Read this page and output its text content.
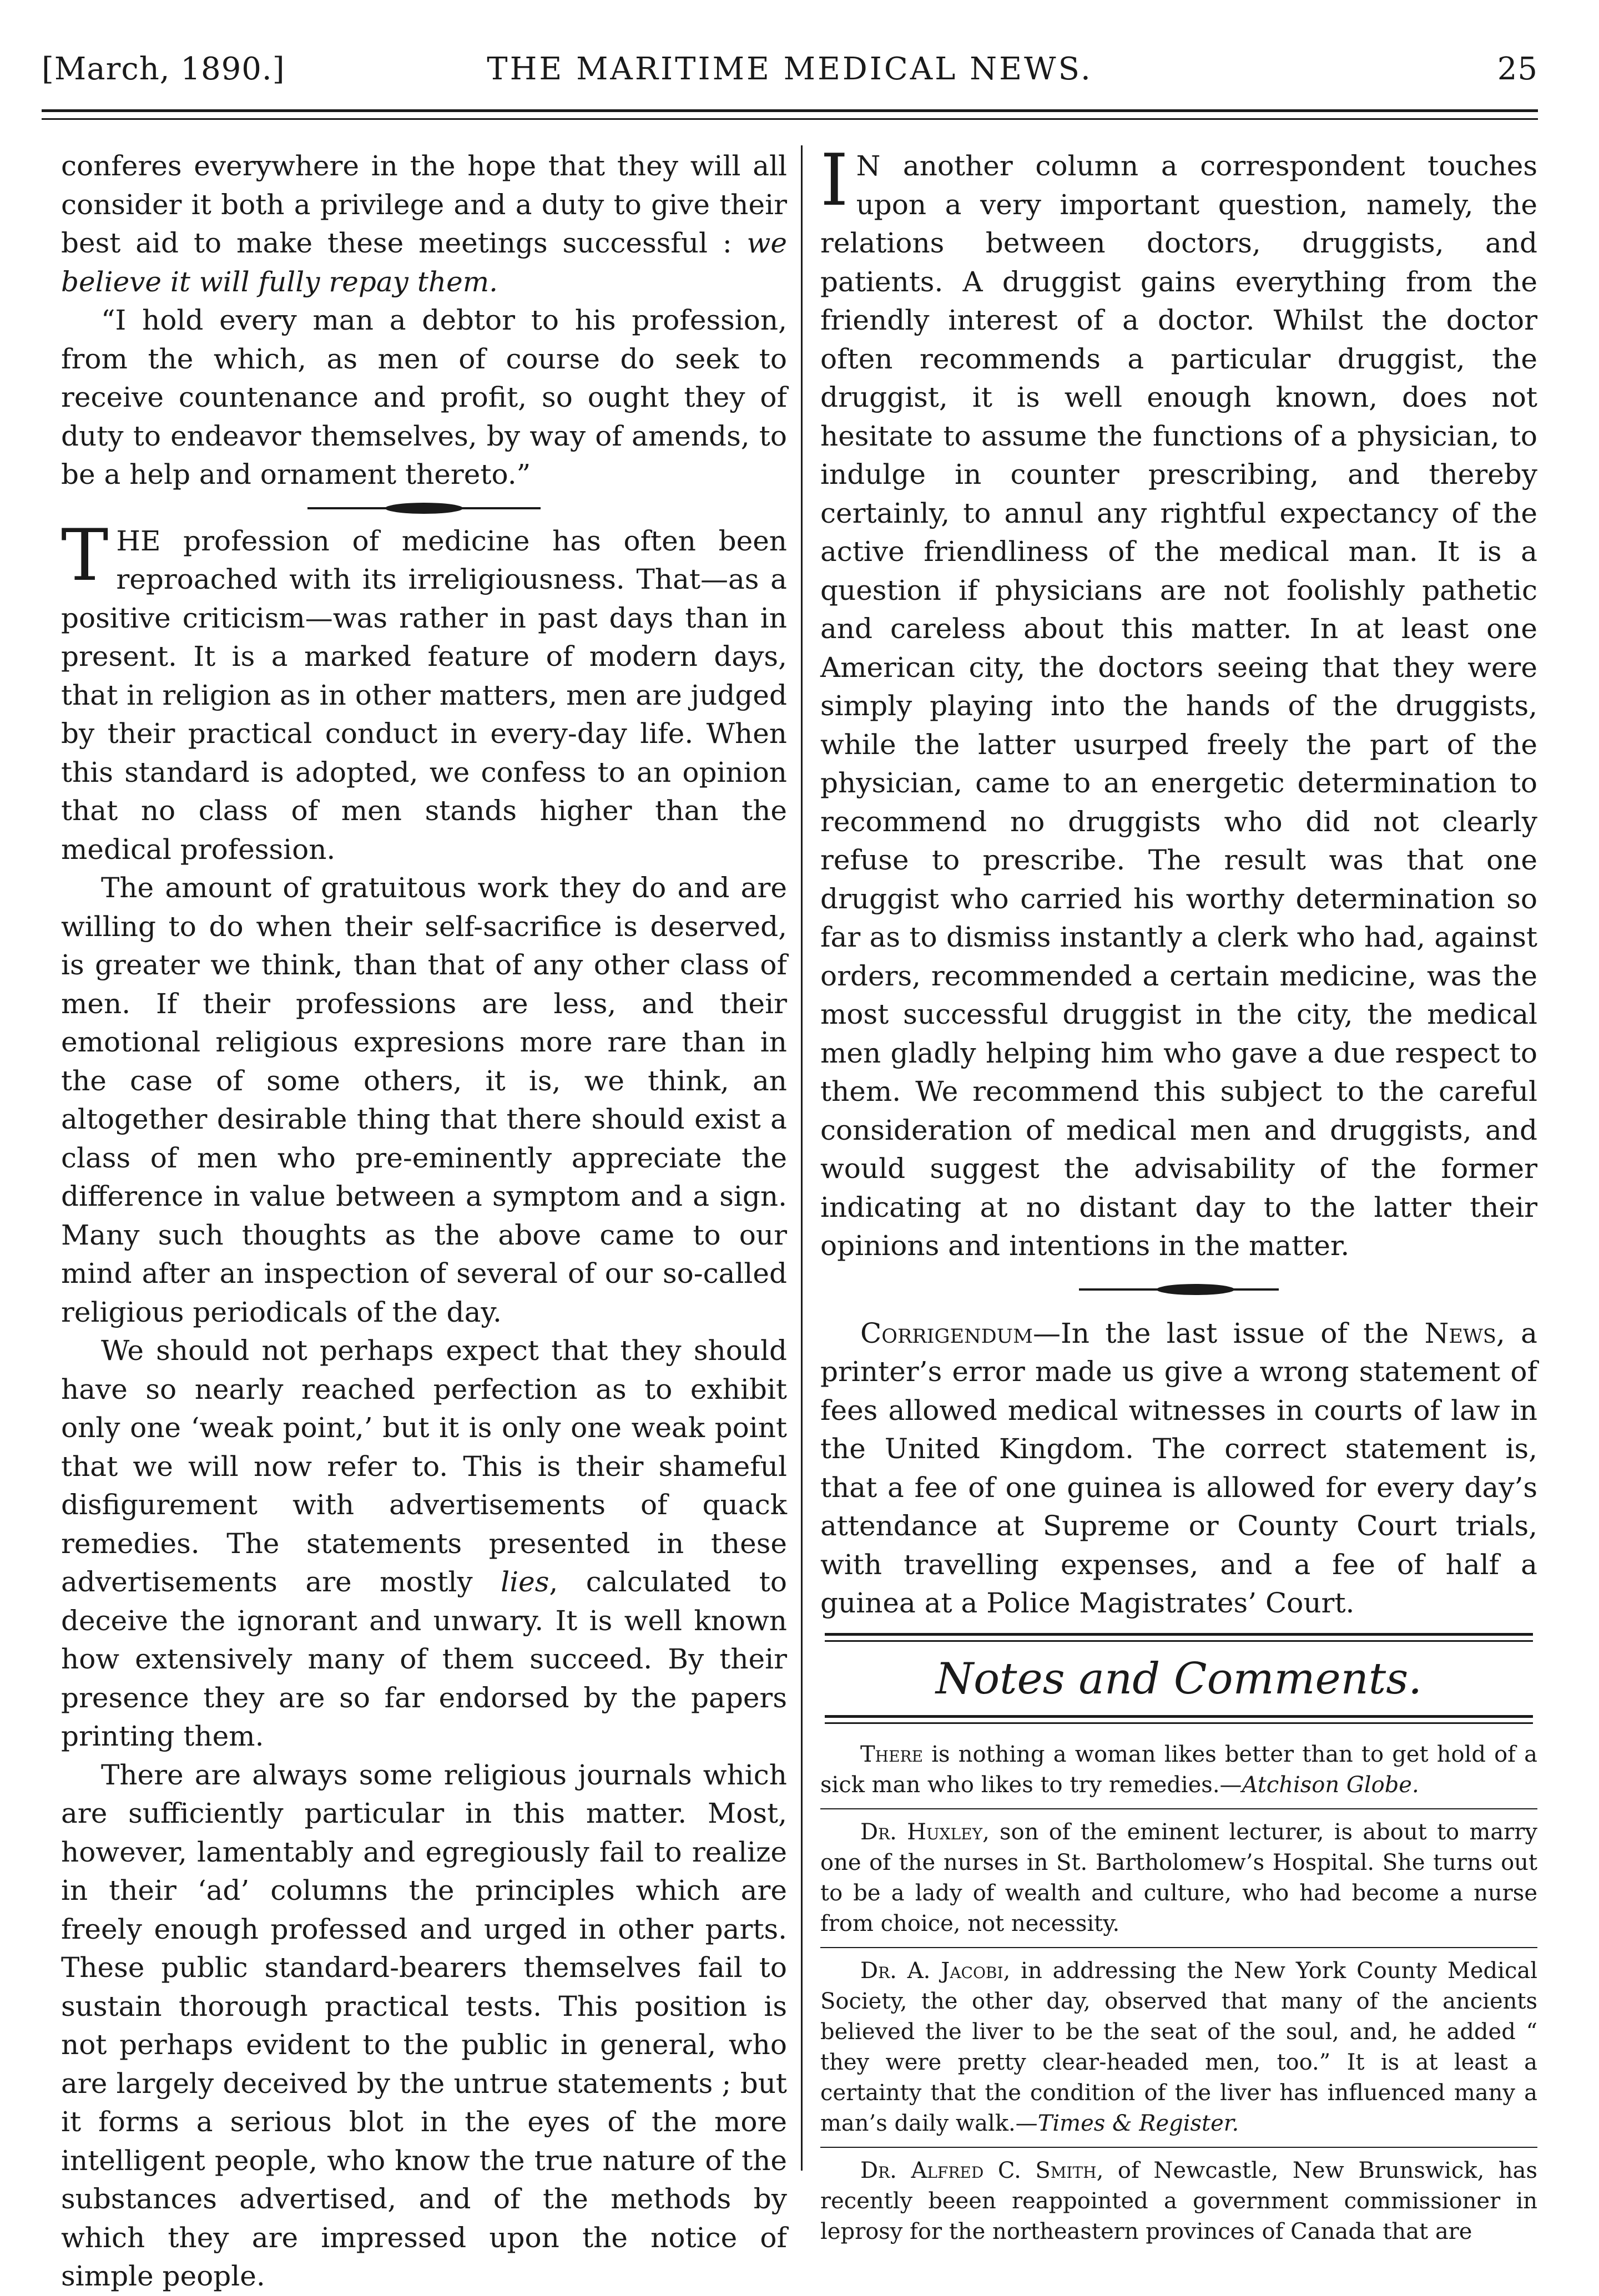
[March, 1890.]	THE MARITIME MEDICAL NEWS.	25

conferes everywhere in the hope that they will all consider it both a privilege and a duty to give their best aid to make these meetings successful : we believe it will fully repay them.

“I hold every man a debtor to his profession, from the which, as men of course do seek to receive countenance and profit, so ought they of duty to endeavor themselves, by way of amends, to be a help and ornament thereto.”

THE profession of medicine has often been reproached with its irreligiousness. That—as a positive criticism—was rather in past days than in present. It is a marked feature of modern days, that in religion as in other matters, men are judged by their practical conduct in every-day life. When this standard is adopted, we confess to an opinion that no class of men stands higher than the medical profession.

The amount of gratuitous work they do and are willing to do when their self-sacrifice is deserved, is greater we think, than that of any other class of men. If their professions are less, and their emotional religious expresions more rare than in the case of some others, it is, we think, an altogether desirable thing that there should exist a class of men who pre-eminently appreciate the difference in value between a symptom and a sign. Many such thoughts as the above came to our mind after an inspection of several of our so-called religious periodicals of the day.

We should not perhaps expect that they should have so nearly reached perfection as to exhibit only one ‘weak point,’ but it is only one weak point that we will now refer to. This is their shameful disfigurement with advertisements of quack remedies. The statements presented in these advertisements are mostly lies, calculated to deceive the ignorant and unwary. It is well known how extensively many of them succeed. By their presence they are so far endorsed by the papers printing them.

There are always some religious journals which are sufficiently particular in this matter. Most, however, lamentably and egregiously fail to realize in their ‘ad’ columns the principles which are freely enough professed and urged in other parts. These public standard-bearers themselves fail to sustain thorough practical tests. This position is not perhaps evident to the public in general, who are largely deceived by the untrue statements ; but it forms a serious blot in the eyes of the more intelligent people, who know the true nature of the substances advertised, and of the methods by which they are impressed upon the notice of simple people.

I N another column a correspondent touches upon a very important question, namely, the relations between doctors, druggists, and patients. A druggist gains everything from the friendly interest of a doctor. Whilst the doctor often recommends a particular druggist, the druggist, it is well enough known, does not hesitate to assume the functions of a physician, to indulge in counter prescribing, and thereby certainly, to annul any rightful expectancy of the active friendliness of the medical man. It is a question if physicians are not foolishly pathetic and careless about this matter. In at least one American city, the doctors seeing that they were simply playing into the hands of the druggists, while the latter usurped freely the part of the physician, came to an energetic determination to recommend no druggists who did not clearly refuse to prescribe. The result was that one druggist who carried his worthy determination so far as to dismiss instantly a clerk who had, against orders, recommended a certain medicine, was the most successful druggist in the city, the medical men gladly helping him who gave a due respect to them. We recommend this subject to the careful consideration of medical men and druggists, and would suggest the advisability of the former indicating at no distant day to the latter their opinions and intentions in the matter.

Corrigendum—In the last issue of the News, a printer’s error made us give a wrong statement of fees allowed medical witnesses in courts of law in the United Kingdom. The correct statement is, that a fee of one guinea is allowed for every day’s attendance at Supreme or County Court trials, with travelling expenses, and a fee of half a guinea at a Police Magistrates’ Court.

Notes and Comments.

There is nothing a woman likes better than to get hold of a sick man who likes to try remedies.—Atchison Globe.

Dr. Huxley, son of the eminent lecturer, is about to marry one of the nurses in St. Bartholomew’s Hospital. She turns out to be a lady of wealth and culture, who had become a nurse from choice, not necessity.

Dr. A. Jacobi, in addressing the New York County Medical Society, the other day, observed that many of the ancients believed the liver to be the seat of the soul, and, he added “ they were pretty clear-headed men, too.” It is at least a certainty that the condition of the liver has influenced many a man’s daily walk.—Times & Register.

Dr. Alfred C. Smith, of Newcastle, New Brunswick, has recently beeen reappointed a government commissioner in leprosy for the northeastern provinces of Canada that are
